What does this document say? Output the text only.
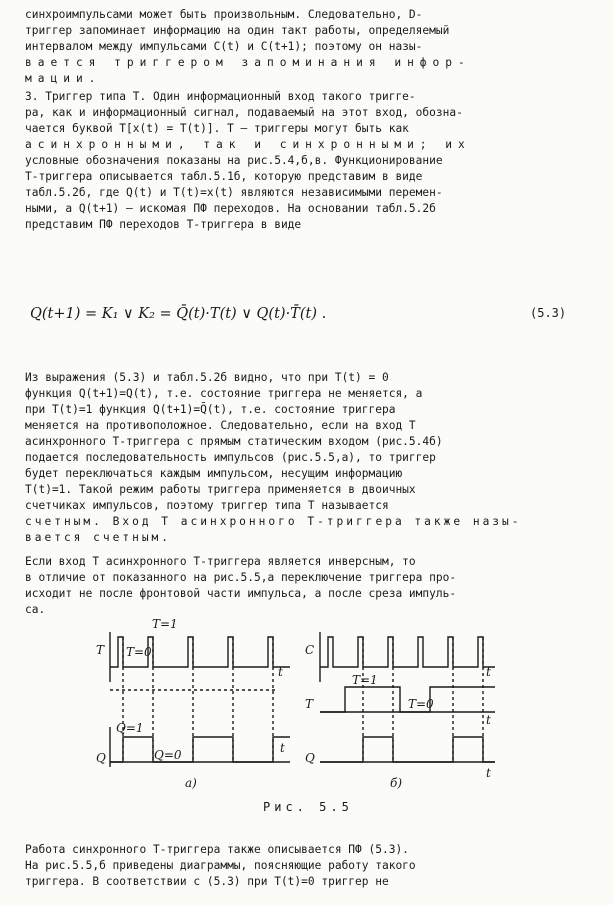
синхроимпульсами может быть произвольным. Следовательно, D-
триггер запоминает информацию на один такт работы, определяемый
интервалом между импульсами C(t) и C(t+1); поэтому он назы-
вается триггером запоминания инфор-
мации.
3. Триггер типа Т. Один информационный вход такого тригге-
ра, как и информационный сигнал, подаваемый на этот вход, обозна-
чается буквой T[x(t) = T(t)]. T – триггеры могут быть как
асинхронными, так и синхронными; их
условные обозначения показаны на рис.5.4,б,в. Функционирование
T-триггера описывается табл.5.1б, которую представим в виде
табл.5.2б, где Q(t) и T(t)=x(t) являются независимыми перемен-
ными, а Q(t+1) – искомая ПФ переходов. На основании табл.5.2б
представим ПФ переходов T-триггера в виде
Q(t+1) = K₁ ∨ K₂ = Q̄(t)·T(t) ∨ Q(t)·T̄(t) .	(5.3)
Из выражения (5.3) и табл.5.2б видно, что при T(t) = 0
функция Q(t+1)=Q(t), т.е. состояние триггера не меняется, а
при T(t)=1 функция Q(t+1)=Q̄(t), т.е. состояние триггера
меняется на противоположное. Следовательно, если на вход T
асинхронного T-триггера с прямым статическим входом (рис.5.4б)
подается последовательность импульсов (рис.5.5,а), то триггер
будет переключаться каждым импульсом, несущим информацию
T(t)=1. Такой режим работы триггера применяется в двоичных
счетчиках импульсов, поэтому триггер типа T называется
счетным. Вход T асинхронного T-триггера также назы-
вается счетным.
Если вход T асинхронного T-триггера является инверсным, то
в отличие от показанного на рис.5.5,а переключение триггера про-
исходит не после фронтовой части импульса, а после среза импуль-
са.
T T=0
T=1
t
Q=1
Q=0
Q
t
а)
C
t
T
T=1
T=0
t
Q
t
б)
Рис. 5.5
Работа синхронного T-триггера также описывается ПФ (5.3).
На рис.5.5,б приведены диаграммы, поясняющие работу такого
триггера. В соответствии с (5.3) при T(t)=0 триггер не
